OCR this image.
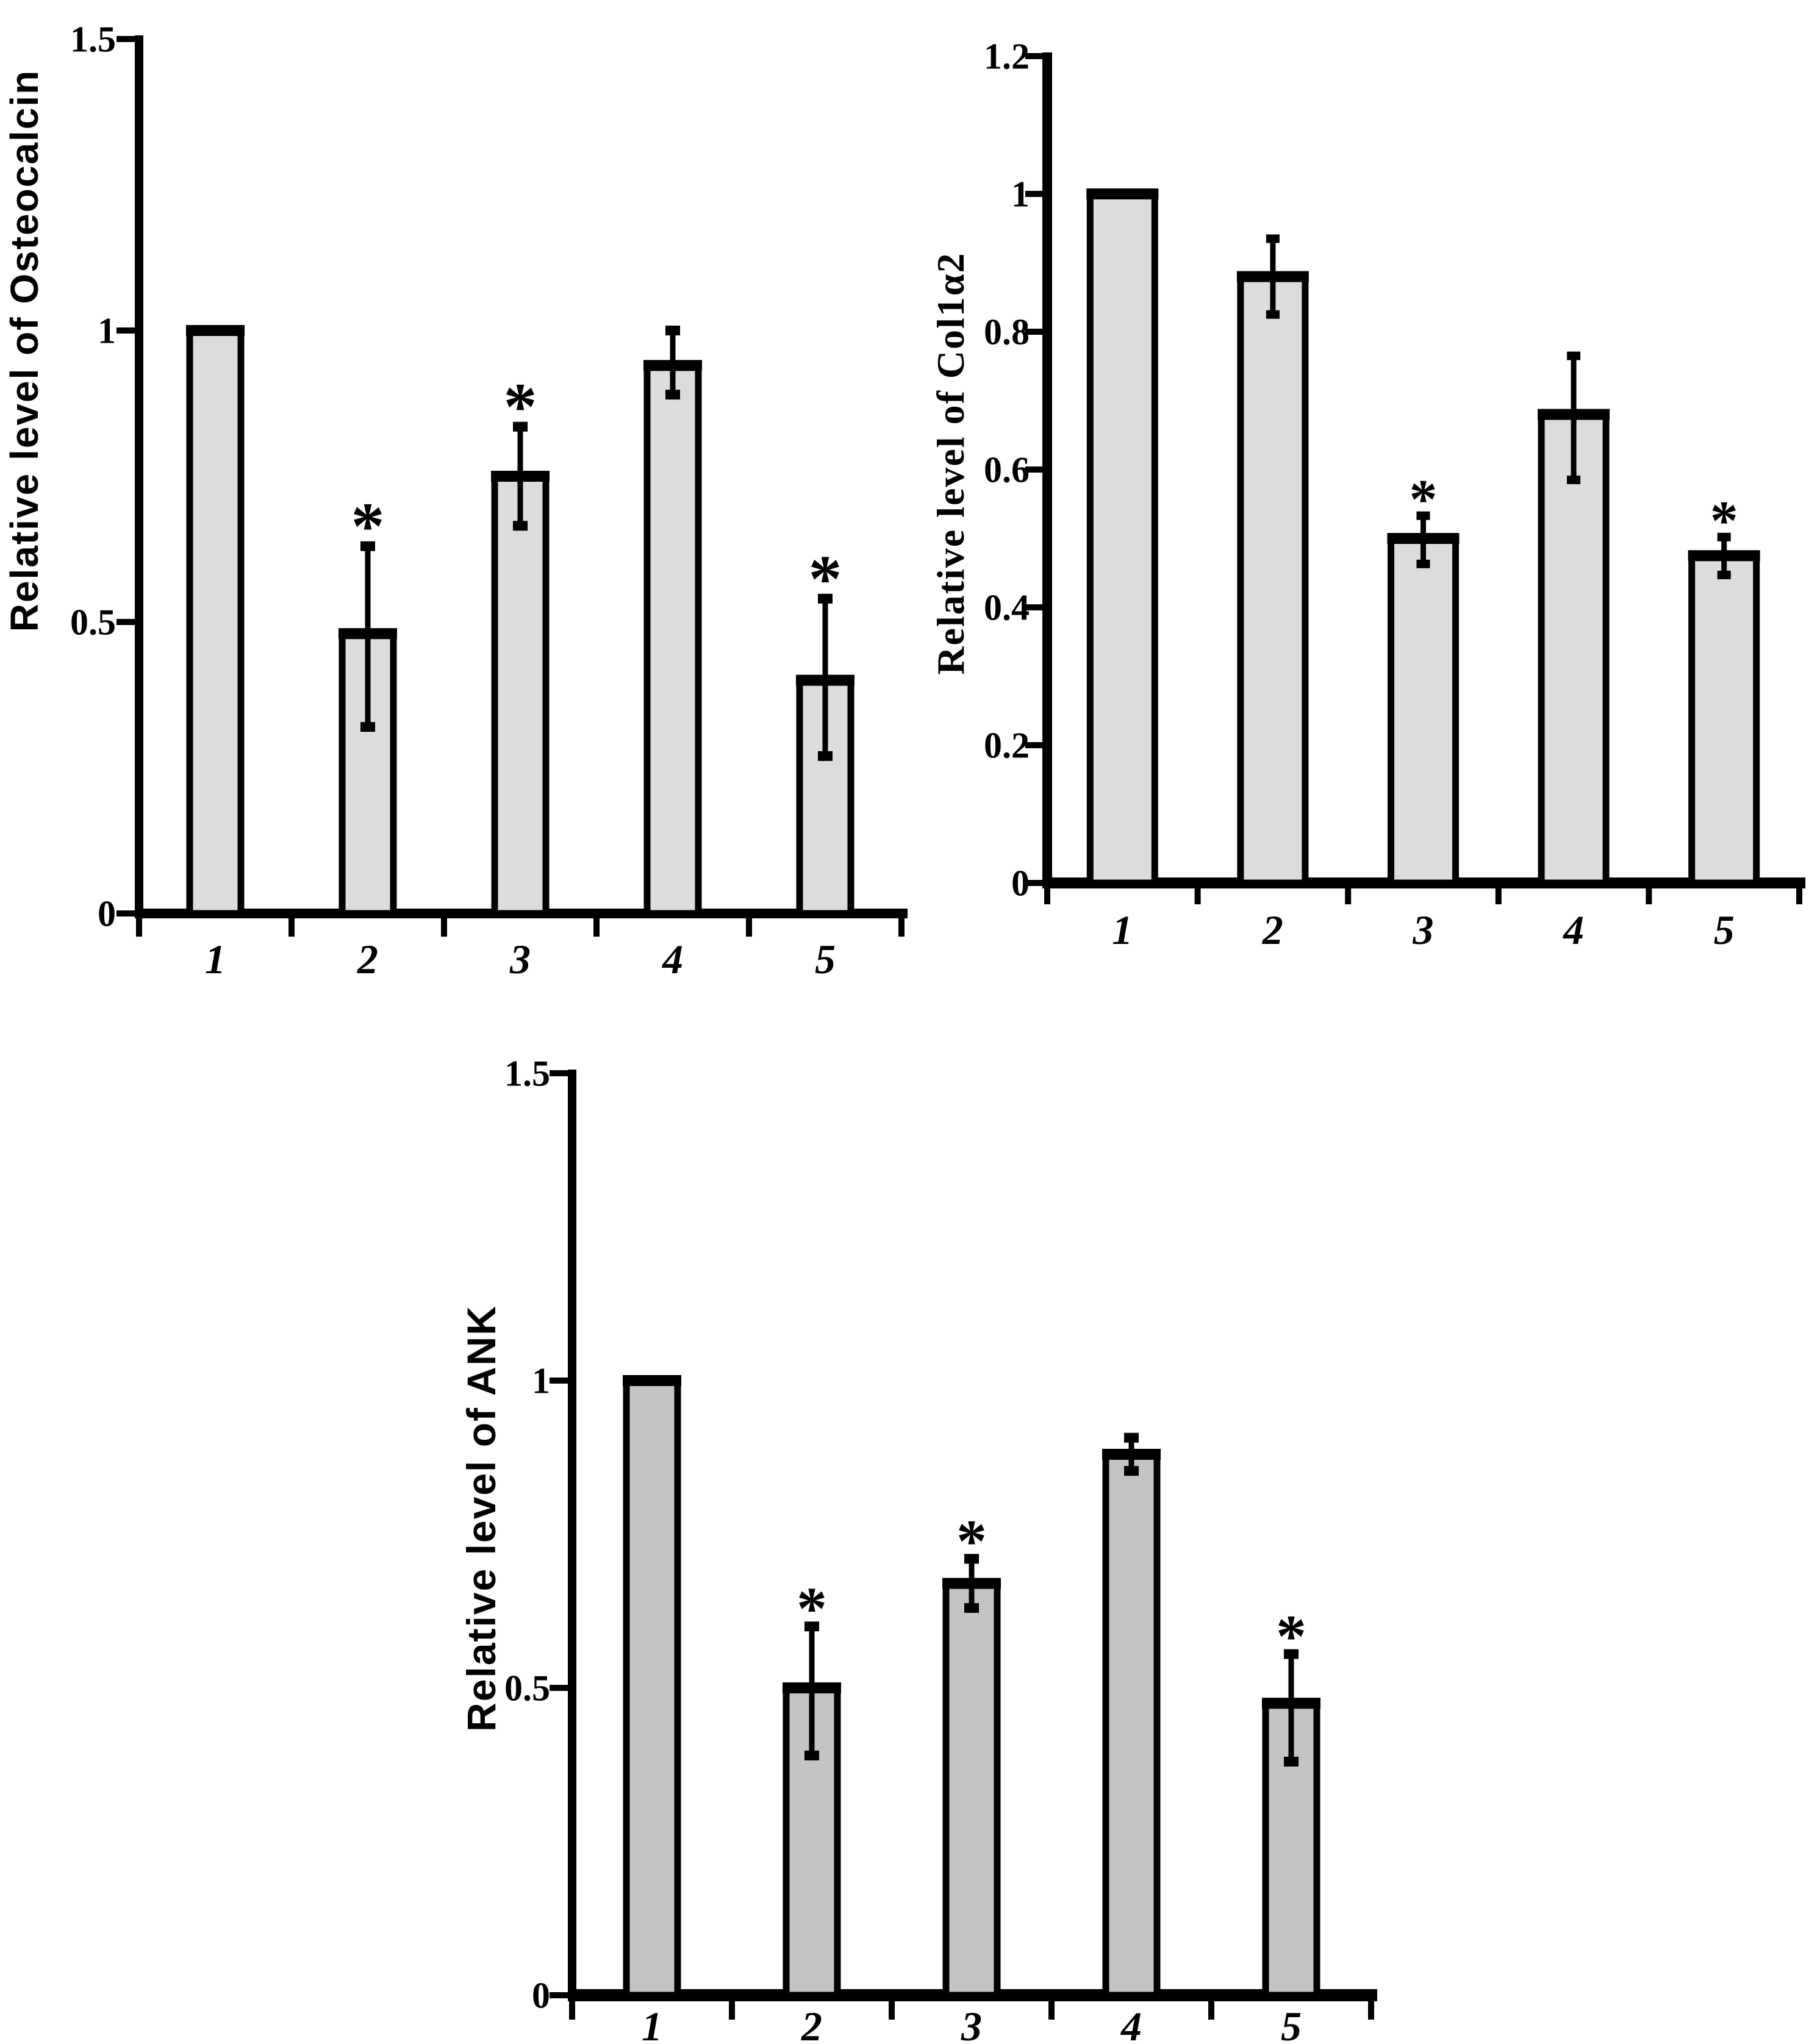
0
0.5
1
1.5
1
*
2
*
3	4
*
5
Relative level of Osteocalcin
0
0.2
0.4
0.6
0.8
1
1.2
1	2
*
3	4
*
5
Relative level of Col1α2
0
0.5
1
1.5
1
*
2
*
3	4
*
5
Relative level of ANK
